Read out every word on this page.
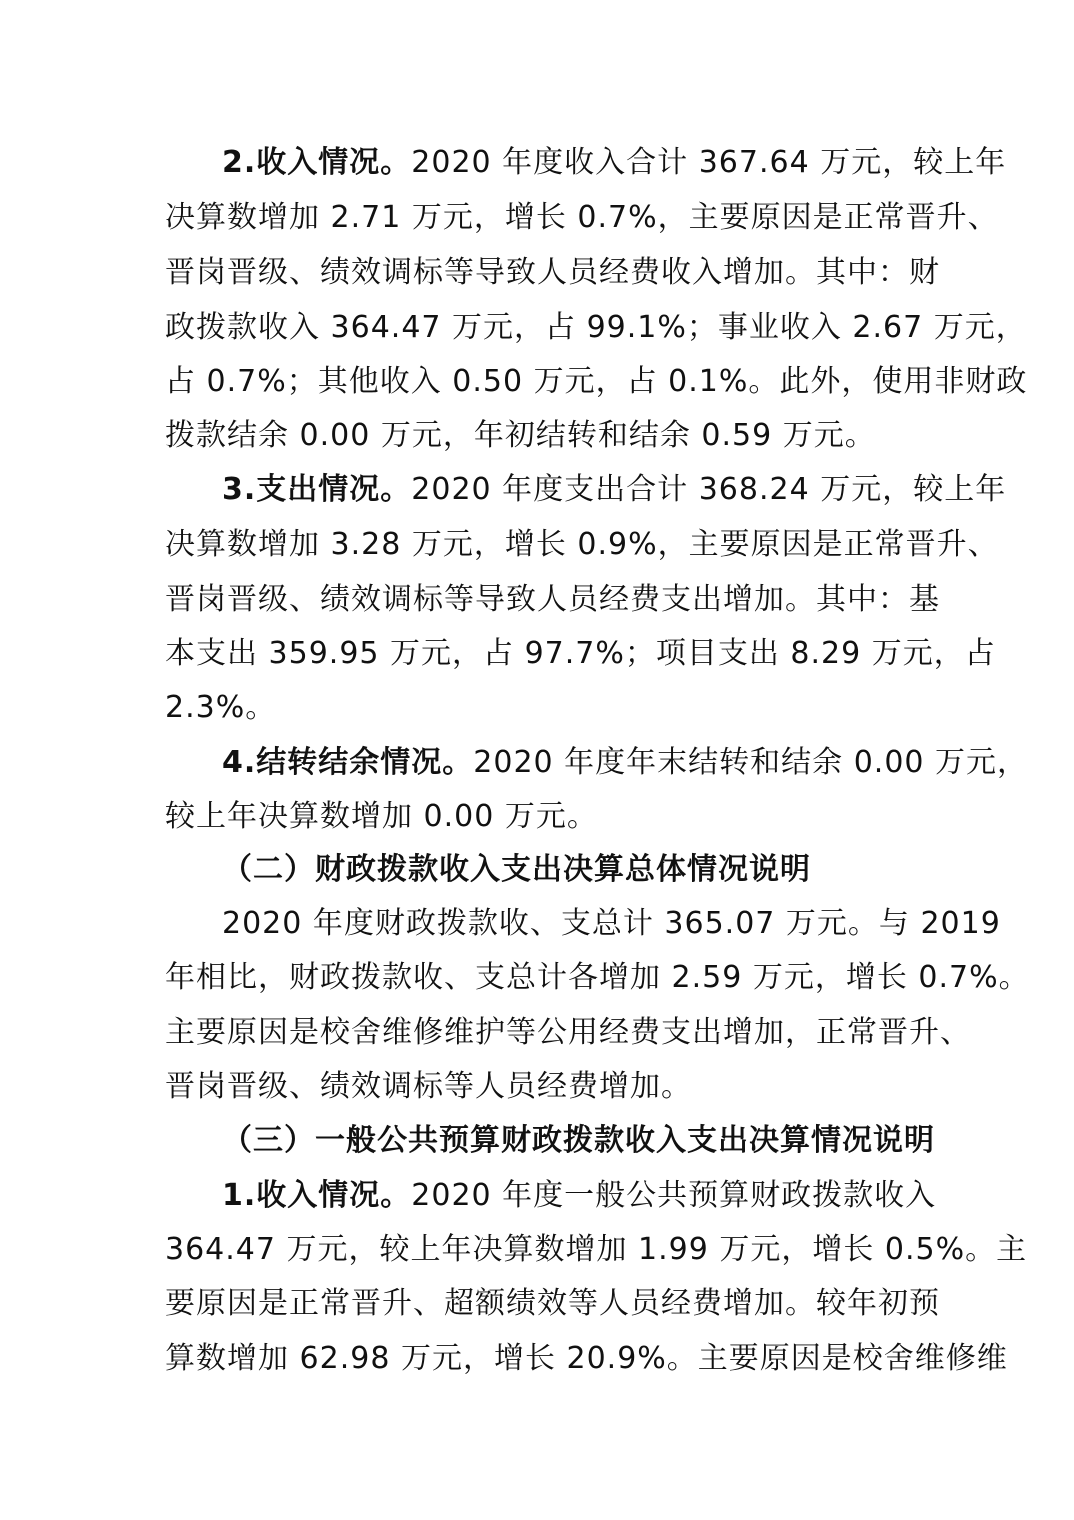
2.收入情况。2020 年度收入合计 367.64 万元，较上年
决算数增加 2.71 万元，增长 0.7%，主要原因是正常晋升、
晋岗晋级、绩效调标等导致人员经费收入增加。其中：财
政拨款收入 364.47 万元，占 99.1%；事业收入 2.67 万元，
占 0.7%；其他收入 0.50 万元，占 0.1%。此外，使用非财政
拨款结余 0.00 万元，年初结转和结余 0.59 万元。
3.支出情况。2020 年度支出合计 368.24 万元，较上年
决算数增加 3.28 万元，增长 0.9%，主要原因是正常晋升、
晋岗晋级、绩效调标等导致人员经费支出增加。其中：基
本支出 359.95 万元，占 97.7%；项目支出 8.29 万元，占
2.3%。
4.结转结余情况。2020 年度年末结转和结余 0.00 万元，
较上年决算数增加 0.00 万元。
（二）财政拨款收入支出决算总体情况说明
2020 年度财政拨款收、支总计 365.07 万元。与 2019
年相比，财政拨款收、支总计各增加 2.59 万元，增长 0.7%。
主要原因是校舍维修维护等公用经费支出增加，正常晋升、
晋岗晋级、绩效调标等人员经费增加。
（三）一般公共预算财政拨款收入支出决算情况说明
1.收入情况。2020 年度一般公共预算财政拨款收入
364.47 万元，较上年决算数增加 1.99 万元，增长 0.5%。主
要原因是正常晋升、超额绩效等人员经费增加。较年初预
算数增加 62.98 万元，增长 20.9%。主要原因是校舍维修维
